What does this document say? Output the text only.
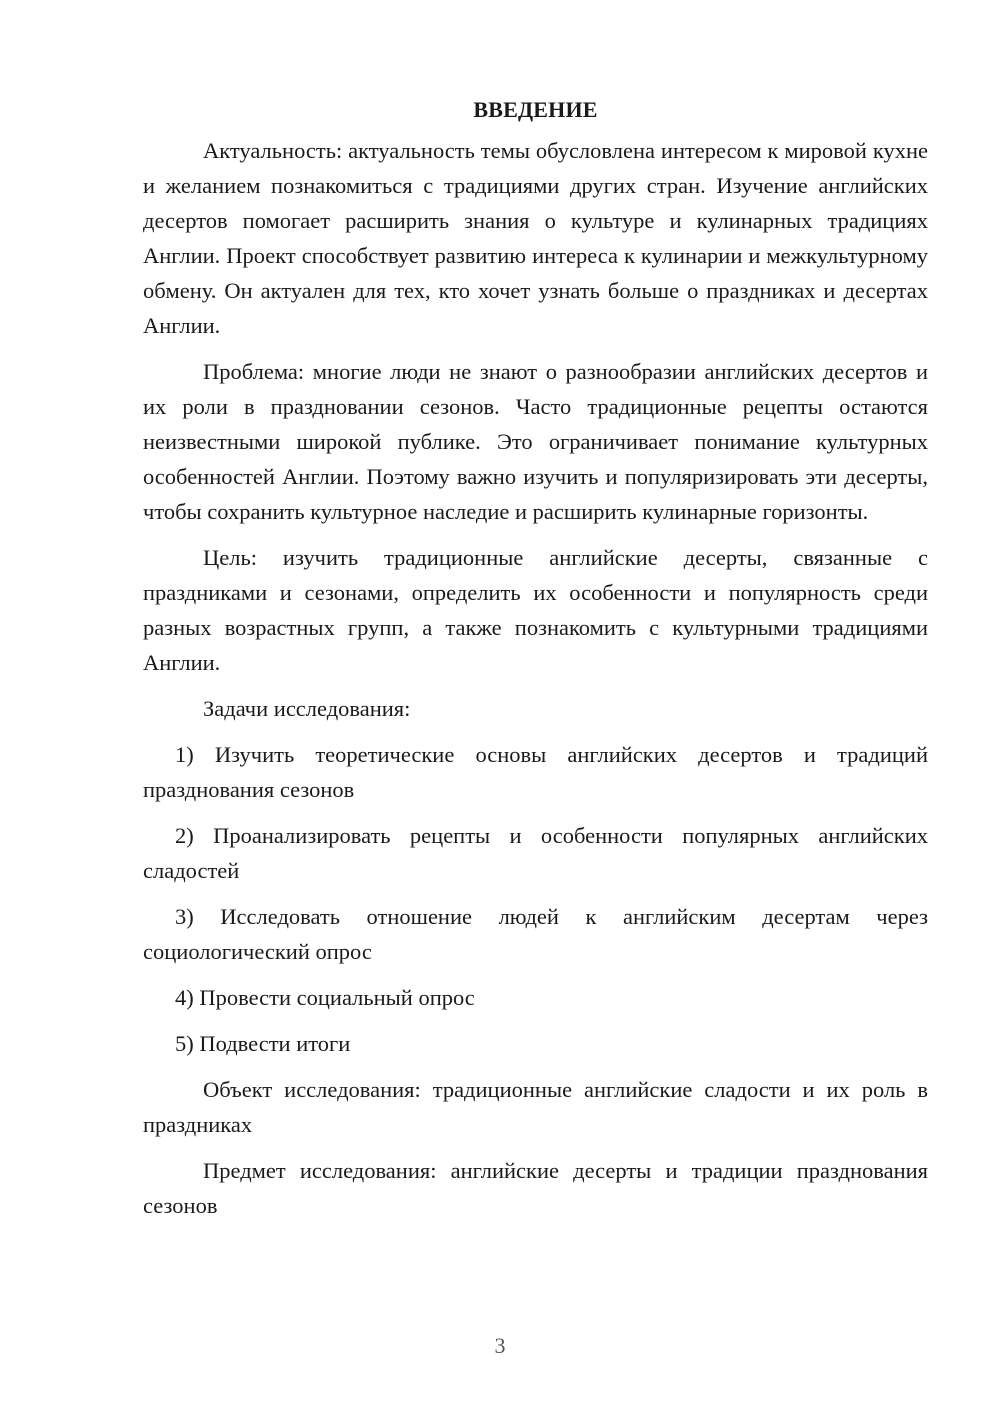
ВВЕДЕНИЕ

Актуальность: актуальность темы обусловлена интересом к мировой кухне и желанием познакомиться с традициями других стран. Изучение английских десертов помогает расширить знания о культуре и кулинарных традициях Англии. Проект способствует развитию интереса к кулинарии и межкультурному обмену. Он актуален для тех, кто хочет узнать больше о праздниках и десертах Англии.

Проблема: многие люди не знают о разнообразии английских десертов и их роли в праздновании сезонов. Часто традиционные рецепты остаются неизвестными широкой публике. Это ограничивает понимание культурных особенностей Англии. Поэтому важно изучить и популяризировать эти десерты, чтобы сохранить культурное наследие и расширить кулинарные горизонты.

Цель: изучить традиционные английские десерты, связанные с праздниками и сезонами, определить их особенности и популярность среди разных возрастных групп, а также познакомить с культурными традициями Англии.

Задачи исследования:

1) Изучить теоретические основы английских десертов и традиций празднования сезонов

2) Проанализировать рецепты и особенности популярных английских сладостей

3) Исследовать отношение людей к английским десертам через социологический опрос

4) Провести социальный опрос

5) Подвести итоги

Объект исследования: традиционные английские сладости и их роль в праздниках

Предмет исследования: английские десерты и традиции празднования сезонов

3
